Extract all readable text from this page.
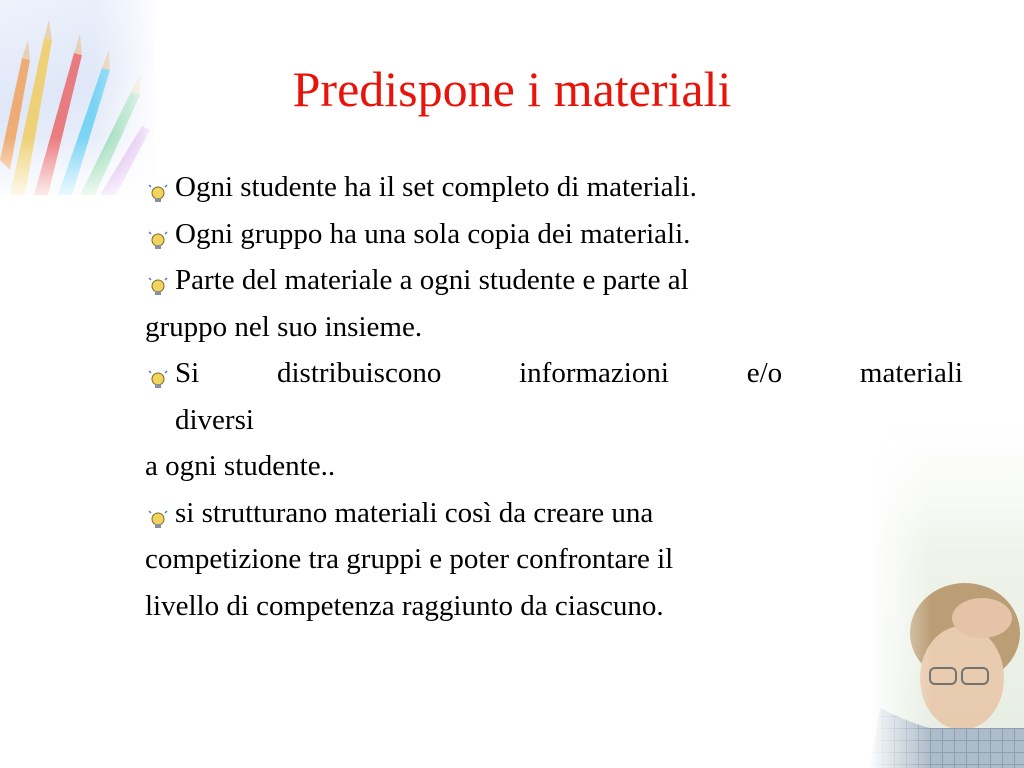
Predispone i materiali

Ogni studente ha il set completo di materiali.

Ogni gruppo ha una sola copia dei materiali.

Parte del materiale a ogni studente e parte al

gruppo nel suo insieme.

Si distribuiscono informazioni e/o materiali

diversi

a ogni studente..

si strutturano materiali così da creare una

competizione tra gruppi e poter confrontare il

livello di competenza raggiunto da ciascuno.
